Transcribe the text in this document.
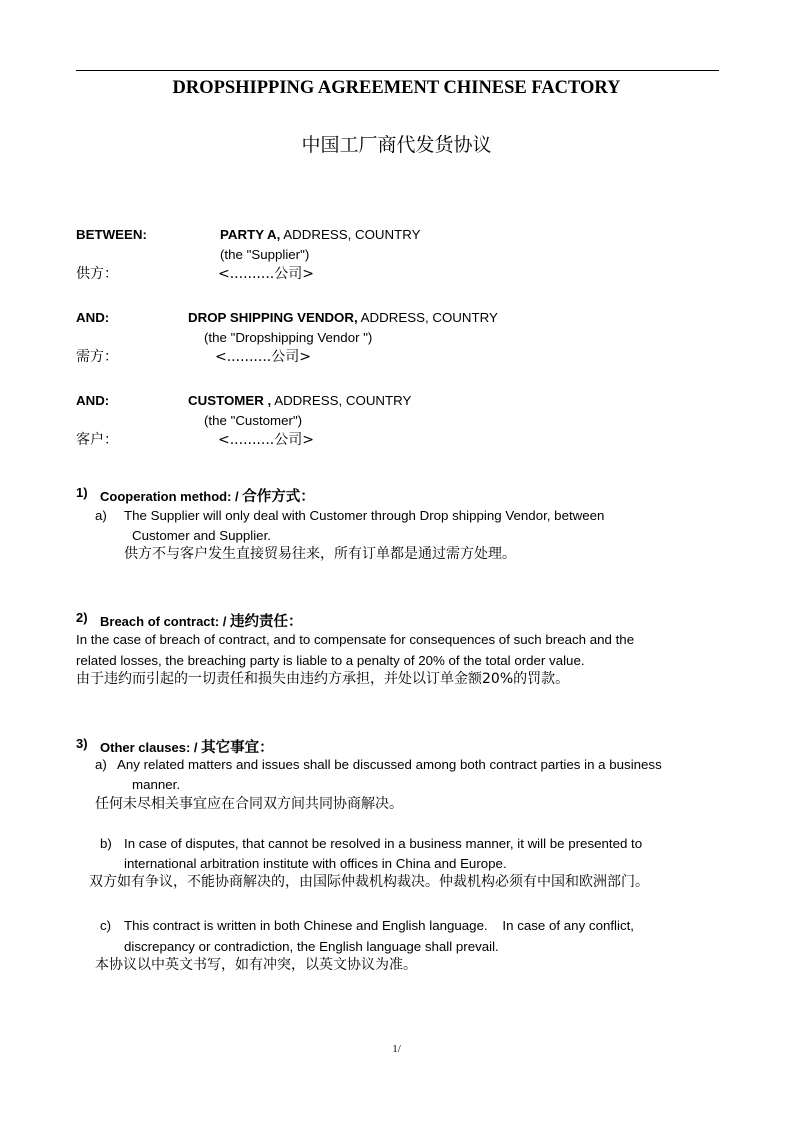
DROPSHIPPING AGREEMENT CHINESE FACTORY
中国工厂商代发货协议
BETWEEN:	PARTY A, ADDRESS, COUNTRY
(the "Supplier")
供方：	<..........公司>
AND:	DROP SHIPPING VENDOR, ADDRESS, COUNTRY
(the "Dropshipping Vendor ")
需方：	<..........公司>
AND:	CUSTOMER , ADDRESS, COUNTRY
(the "Customer")
客户：	<..........公司>
1) Cooperation method: / 合作方式：
a) The Supplier will only deal with Customer through Drop shipping Vendor, between
Customer and Supplier.
供方不与客户发生直接贸易往来，所有订单都是通过需方处理。
2) Breach of contract: / 违约责任：
In the case of breach of contract, and to compensate for consequences of such breach and the
related losses, the breaching party is liable to a penalty of 20% of the total order value.
由于违约而引起的一切责任和损失由违约方承担，并处以订单金额20%的罚款。
3) Other clauses: / 其它事宜：
a) Any related matters and issues shall be discussed among both contract parties in a business
manner.
任何未尽相关事宜应在合同双方间共同协商解决。
b) In case of disputes, that cannot be resolved in a business manner, it will be presented to
international arbitration institute with offices in China and Europe.
双方如有争议，不能协商解决的，由国际仲裁机构裁决。仲裁机构必须有中国和欧洲部门。
c) This contract is written in both Chinese and English language.    In case of any conflict,
discrepancy or contradiction, the English language shall prevail.
本协议以中英文书写，如有冲突，以英文协议为准。
1/
